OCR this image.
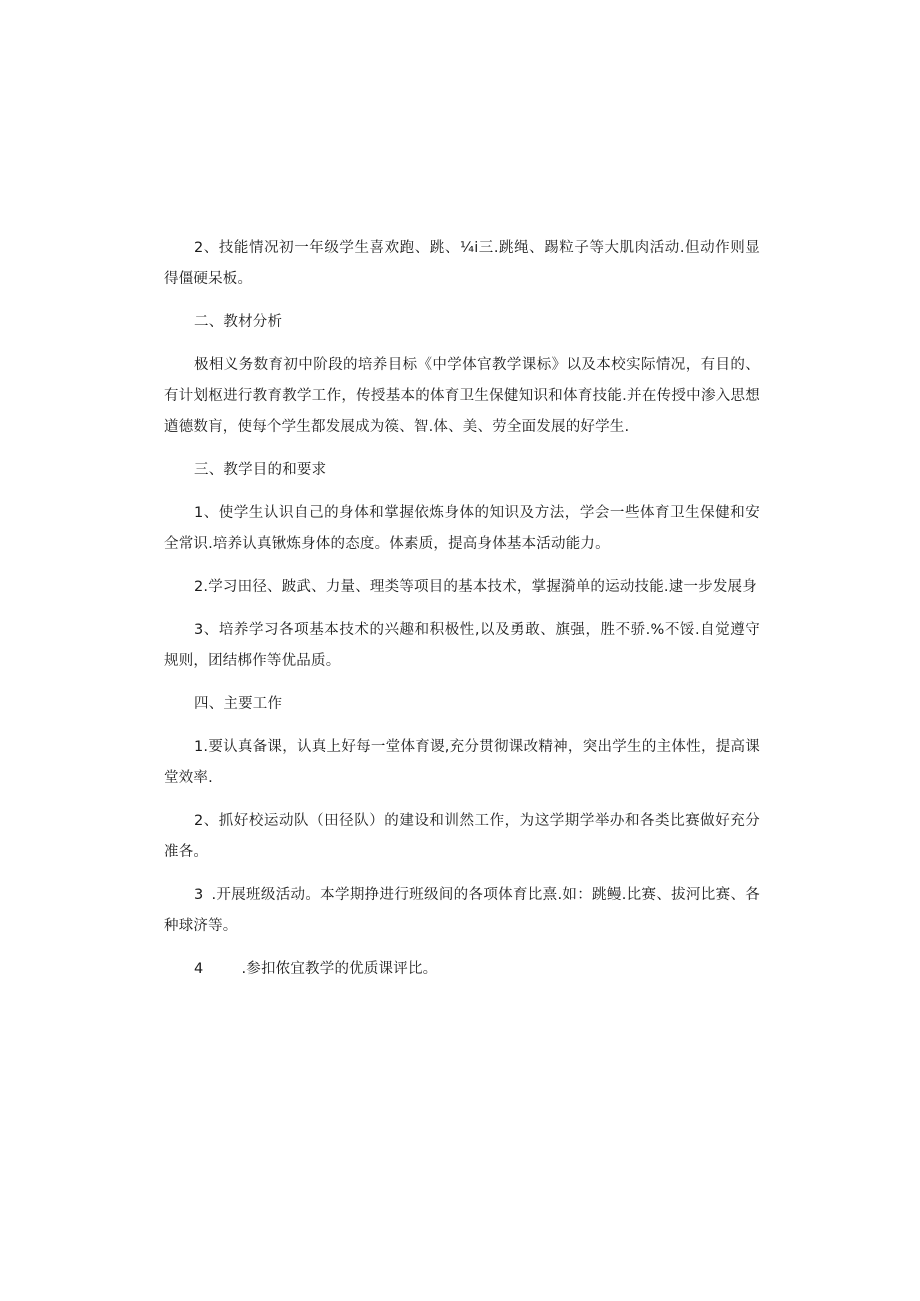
2、技能情况初一年级学生喜欢跑、跳、¼i三.跳绳、踢粒子等大肌肉活动.但动作则显得僵硬呆板。

二、教材分析

极相义务数育初中阶段的培养目标《中学体官教学课标》以及本校实际情况，有目的、有计划枢进行教育教学工作，传授基本的体育卫生保健知识和体育技能.并在传授中渗入思想遒德数肓，使每个学生都发展成为篌、智.体、美、劳全面发展的好学生.

三、教学目的和要求

1、使学生认识自己的身体和掌握依炼身体的知识及方法，学会一些体育卫生保健和安全常识.培养认真锹炼身体的态度。体素质，提高身体基本活动能力。

2.学习田径、跛武、力量、理类等项目的基本技术，掌握漪单的运动技能.逮一步发展身

3、培养学习各项基本技术的兴趣和积极性,以及勇敢、旗强，胜不骄.%不馁.自觉遵守规则，团结梆作等优品质。

四、主要工作

1.要认真备课，认真上好每一堂体育谡,充分贯彻课改精神，突出学生的主体性，提高课堂效率.

2、抓好校运动队（田径队）的建设和训然工作，为这学期学举办和各类比赛做好充分准各。

3 .开展班级活动。本学期挣进行班级间的各项体育比熹.如：跳鳗.比赛、拔河比赛、各种球济等。

4	.参扣侬宜教学的优质课评比。
